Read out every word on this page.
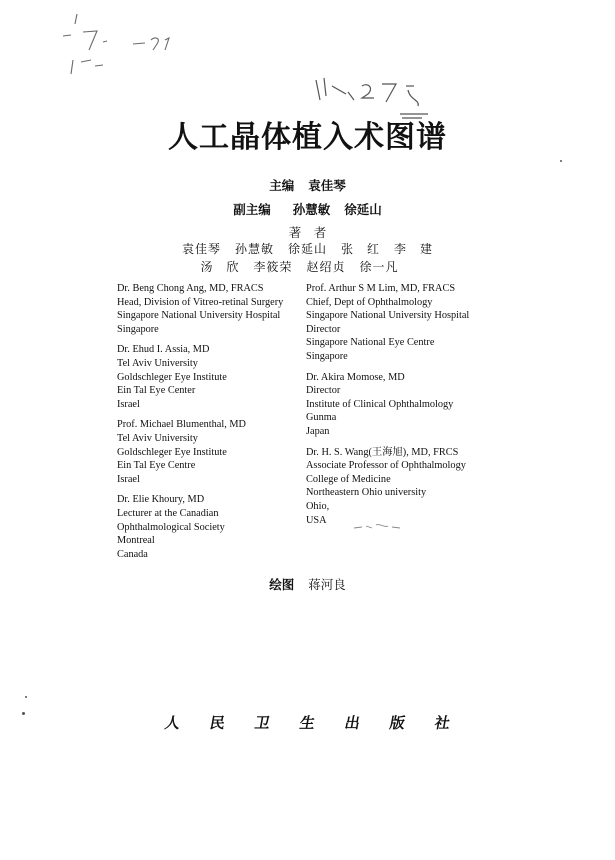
人工晶体植入术图谱
主编 袁佳琴
副主编 孙慧敏 徐延山
著　者
袁佳琴 孙慧敏 徐延山 张　红 李　建
汤　欣 李筱荣 赵绍贞 徐一凡
Dr. Beng Chong Ang, MD, FRACS
Head, Division of Vitreo-retinal Surgery
Singapore National University Hospital
Singapore
Dr. Ehud I. Assia, MD
Tel Aviv University
Goldschleger Eye Institute
Ein Tal Eye Center
Israel
Prof. Michael Blumenthal, MD
Tel Aviv University
Goldschleger Eye Institute
Ein Tal Eye Centre
Israel
Dr. Elie Khoury, MD
Lecturer at the Canadian
Ophthalmological Society
Montreal
Canada
Prof. Arthur S M Lim, MD, FRACS
Chief, Dept of Ophthalmology
Singapore National University Hospital
Director
Singapore National Eye Centre
Singapore
Dr. Akira Momose, MD
Director
Institute of Clinical Ophthalmology
Gunma
Japan
Dr. H. S. Wang(王海旭), MD, FRCS
Associate Professor of Ophthalmology
College of Medicine
Northeastern Ohio university
Ohio,
USA
绘图 蒋河良
人 民 卫 生 出 版 社
